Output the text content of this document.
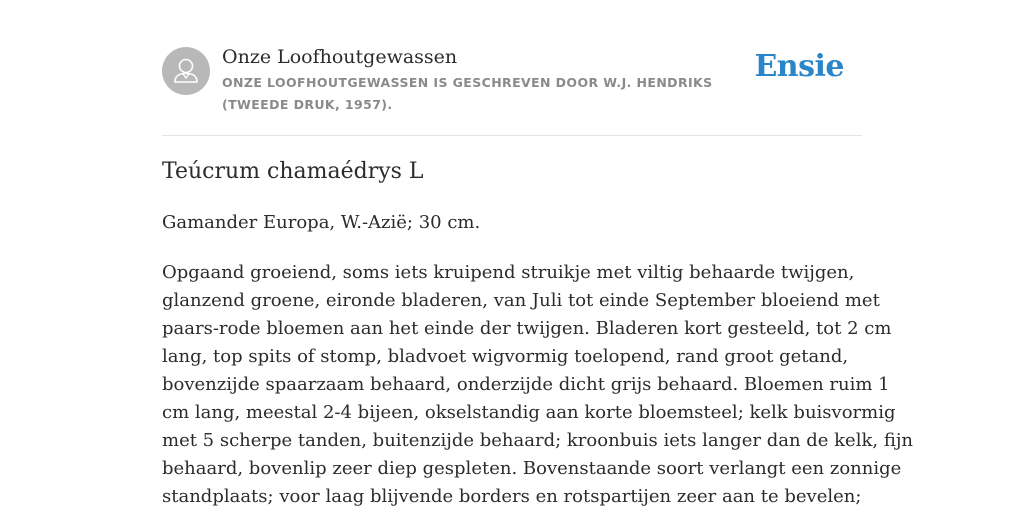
Onze Loofhoutgewassen
ONZE LOOFHOUTGEWASSEN IS GESCHREVEN DOOR W.J. HENDRIKS (TWEEDE DRUK, 1957).
Ensie
Teúcrum chamaédrys L

Gamander Europa, W.-Azië; 30 cm.

Opgaand groeiend, soms iets kruipend struikje met viltig behaarde twijgen,
glanzend groene, eironde bladeren, van Juli tot einde September bloeiend met
paars-rode bloemen aan het einde der twijgen. Bladeren kort gesteeld, tot 2 cm
lang, top spits of stomp, bladvoet wigvormig toelopend, rand groot getand,
bovenzijde spaarzaam behaard, onderzijde dicht grijs behaard. Bloemen ruim 1
cm lang, meestal 2-4 bijeen, okselstandig aan korte bloemsteel; kelk buisvormig
met 5 scherpe tanden, buitenzijde behaard; kroonbuis iets langer dan de kelk, fijn
behaard, bovenlip zeer diep gespleten. Bovenstaande soort verlangt een zonnige
standplaats; voor laag blijvende borders en rotspartijen zeer aan te bevelen;
